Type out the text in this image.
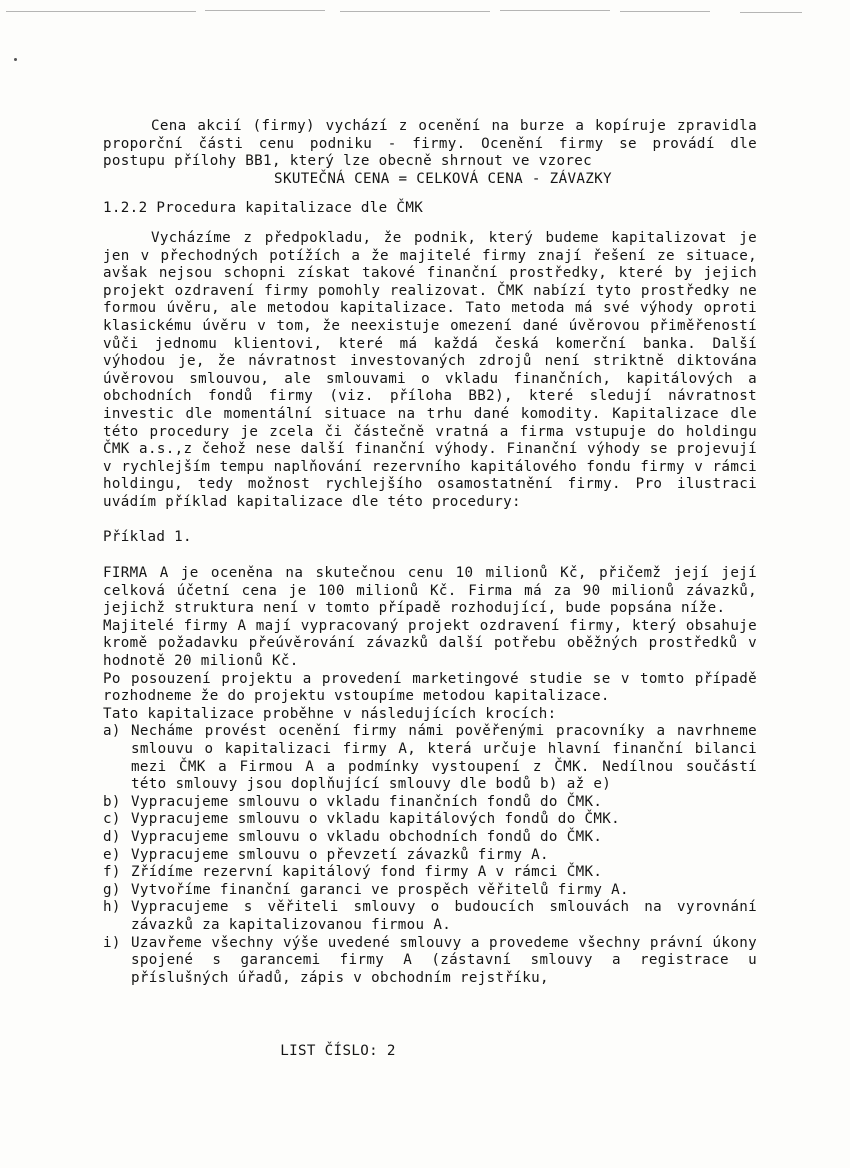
Cena akcií (firmy) vychází z ocenění na burze a kopíruje zpravidla proporční části cenu podniku - firmy. Ocenění firmy se provádí dle postupu přílohy BB1, který lze obecně shrnout ve vzorec

SKUTEČNÁ CENA = CELKOVÁ CENA - ZÁVAZKY

1.2.2 Procedura kapitalizace dle ČMK

Vycházíme z předpokladu, že podnik, který budeme kapitalizovat je jen v přechodných potížích a že majitelé firmy znají řešení ze situace, avšak nejsou schopni získat takové finanční prostředky, které by jejich projekt ozdravení firmy pomohly realizovat. ČMK nabízí tyto prostředky ne formou úvěru, ale metodou kapitalizace. Tato metoda má své výhody oproti klasickému úvěru v tom, že neexistuje omezení dané úvěrovou přiměřeností vůči jednomu klientovi, které má každá česká komerční banka. Další výhodou je, že návratnost investovaných zdrojů není striktně diktována úvěrovou smlouvou, ale smlouvami o vkladu finančních, kapitálových a obchodních fondů firmy (viz. příloha BB2), které sledují návratnost investic dle momentální situace na trhu dané komodity. Kapitalizace dle této procedury je zcela či částečně vratná a firma vstupuje do holdingu ČMK a.s.,z čehož nese další finanční výhody. Finanční výhody se projevují v rychlejším tempu naplňování rezervního kapitálového fondu firmy v rámci holdingu, tedy možnost rychlejšího osamostatnění firmy. Pro ilustraci uvádím příklad kapitalizace dle této procedury:

Příklad 1.

FIRMA A je oceněna na skutečnou cenu 10 milionů Kč, přičemž její její celková účetní cena je 100 milionů Kč. Firma má za 90 milionů závazků, jejichž struktura není v tomto případě rozhodující, bude popsána níže.

Majitelé firmy A mají vypracovaný projekt ozdravení firmy, který obsahuje kromě požadavku přeúvěrování závazků další potřebu oběžných prostředků v hodnotě 20 milionů Kč.

Po posouzení projektu a provedení marketingové studie se v tomto případě rozhodneme že do projektu vstoupíme metodou kapitalizace.

Tato kapitalizace proběhne v následujících krocích:

a) Necháme provést ocenění firmy námi pověřenými pracovníky a navrhneme smlouvu o kapitalizaci firmy A, která určuje hlavní finanční bilanci mezi ČMK a Firmou A a podmínky vystoupení z ČMK. Nedílnou součástí této smlouvy jsou doplňující smlouvy dle bodů b) až e)
b) Vypracujeme smlouvu o vkladu finančních fondů do ČMK.
c) Vypracujeme smlouvu o vkladu kapitálových fondů do ČMK.
d) Vypracujeme smlouvu o vkladu obchodních fondů do ČMK.
e) Vypracujeme smlouvu o převzetí závazků firmy A.
f) Zřídíme rezervní kapitálový fond firmy A v rámci ČMK.
g) Vytvoříme finanční garanci ve prospěch věřitelů firmy A.
h) Vypracujeme s věřiteli smlouvy o budoucích smlouvách na vyrovnání závazků za kapitalizovanou firmou A.
i) Uzavřeme všechny výše uvedené smlouvy a provedeme všechny právní úkony spojené s garancemi firmy A (zástavní smlouvy a registrace u příslušných úřadů, zápis v obchodním rejstříku,
LIST ČÍSLO: 2
